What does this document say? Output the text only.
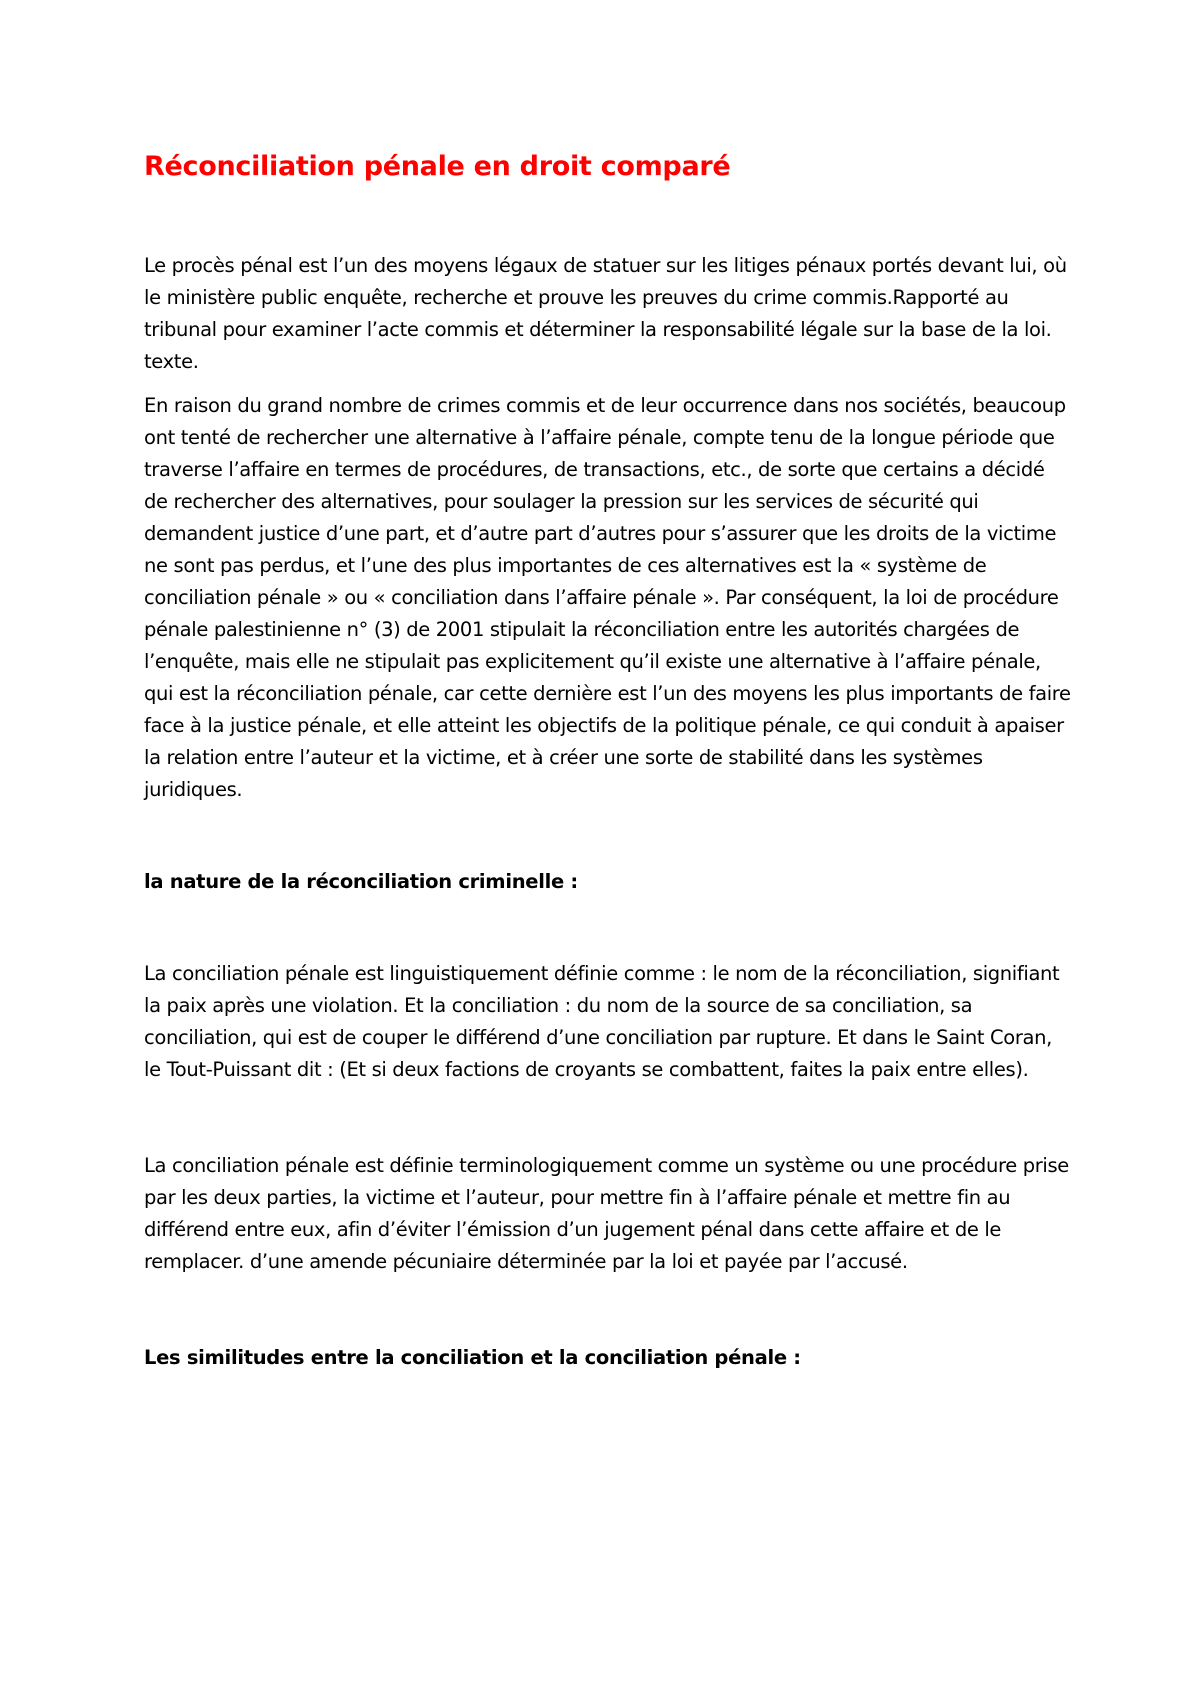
Réconciliation pénale en droit comparé

Le procès pénal est l’un des moyens légaux de statuer sur les litiges pénaux portés devant lui, où le ministère public enquête, recherche et prouve les preuves du crime commis.Rapporté au tribunal pour examiner l’acte commis et déterminer la responsabilité légale sur la base de la loi. texte.

En raison du grand nombre de crimes commis et de leur occurrence dans nos sociétés, beaucoup ont tenté de rechercher une alternative à l’affaire pénale, compte tenu de la longue période que traverse l’affaire en termes de procédures, de transactions, etc., de sorte que certains a décidé de rechercher des alternatives, pour soulager la pression sur les services de sécurité qui demandent justice d’une part, et d’autre part d’autres pour s’assurer que les droits de la victime ne sont pas perdus, et l’une des plus importantes de ces alternatives est la « système de conciliation pénale » ou « conciliation dans l’affaire pénale ». Par conséquent, la loi de procédure pénale palestinienne n° (3) de 2001 stipulait la réconciliation entre les autorités chargées de l’enquête, mais elle ne stipulait pas explicitement qu’il existe une alternative à l’affaire pénale, qui est la réconciliation pénale, car cette dernière est l’un des moyens les plus importants de faire face à la justice pénale, et elle atteint les objectifs de la politique pénale, ce qui conduit à apaiser la relation entre l’auteur et la victime, et à créer une sorte de stabilité dans les systèmes juridiques.

la nature de la réconciliation criminelle :

La conciliation pénale est linguistiquement définie comme : le nom de la réconciliation, signifiant la paix après une violation. Et la conciliation : du nom de la source de sa conciliation, sa conciliation, qui est de couper le différend d’une conciliation par rupture. Et dans le Saint Coran, le Tout-Puissant dit : (Et si deux factions de croyants se combattent, faites la paix entre elles).

La conciliation pénale est définie terminologiquement comme un système ou une procédure prise par les deux parties, la victime et l’auteur, pour mettre fin à l’affaire pénale et mettre fin au différend entre eux, afin d’éviter l’émission d’un jugement pénal dans cette affaire et de le remplacer. d’une amende pécuniaire déterminée par la loi et payée par l’accusé.

Les similitudes entre la conciliation et la conciliation pénale :
